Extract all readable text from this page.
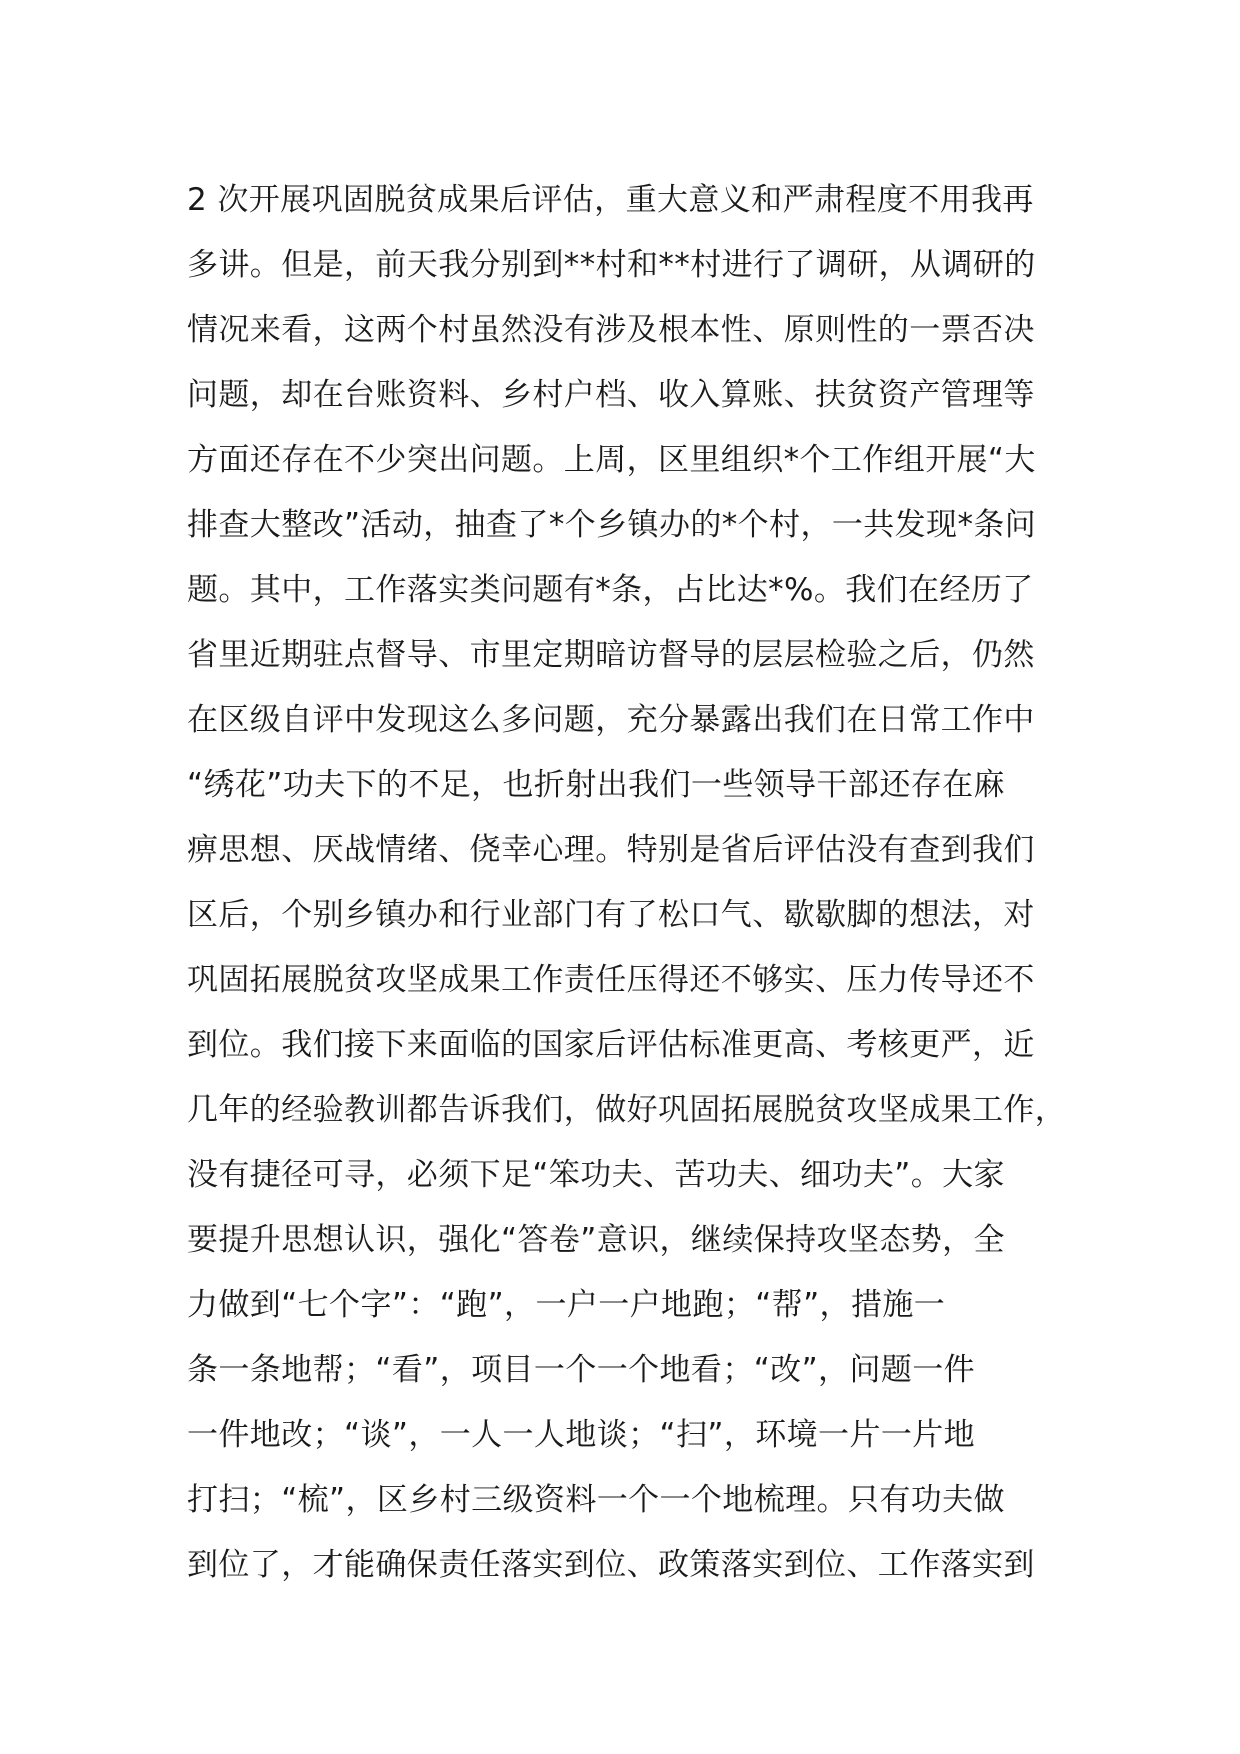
2 次开展巩固脱贫成果后评估，重大意义和严肃程度不用我再
多讲。但是，前天我分别到**村和**村进行了调研，从调研的
情况来看，这两个村虽然没有涉及根本性、原则性的一票否决
问题，却在台账资料、乡村户档、收入算账、扶贫资产管理等
方面还存在不少突出问题。上周，区里组织*个工作组开展“大
排查大整改”活动，抽查了*个乡镇办的*个村，一共发现*条问
题。其中，工作落实类问题有*条，占比达*%。我们在经历了
省里近期驻点督导、市里定期暗访督导的层层检验之后，仍然
在区级自评中发现这么多问题，充分暴露出我们在日常工作中
“绣花”功夫下的不足，也折射出我们一些领导干部还存在麻
痹思想、厌战情绪、侥幸心理。特别是省后评估没有查到我们
区后，个别乡镇办和行业部门有了松口气、歇歇脚的想法，对
巩固拓展脱贫攻坚成果工作责任压得还不够实、压力传导还不
到位。我们接下来面临的国家后评估标准更高、考核更严，近
几年的经验教训都告诉我们，做好巩固拓展脱贫攻坚成果工作，
没有捷径可寻，必须下足“笨功夫、苦功夫、细功夫”。大家
要提升思想认识，强化“答卷”意识，继续保持攻坚态势，全
力做到“七个字”：“跑”，一户一户地跑；“帮”，措施一
条一条地帮；“看”，项目一个一个地看；“改”，问题一件
一件地改；“谈”，一人一人地谈；“扫”，环境一片一片地
打扫；“梳”，区乡村三级资料一个一个地梳理。只有功夫做
到位了，才能确保责任落实到位、政策落实到位、工作落实到
